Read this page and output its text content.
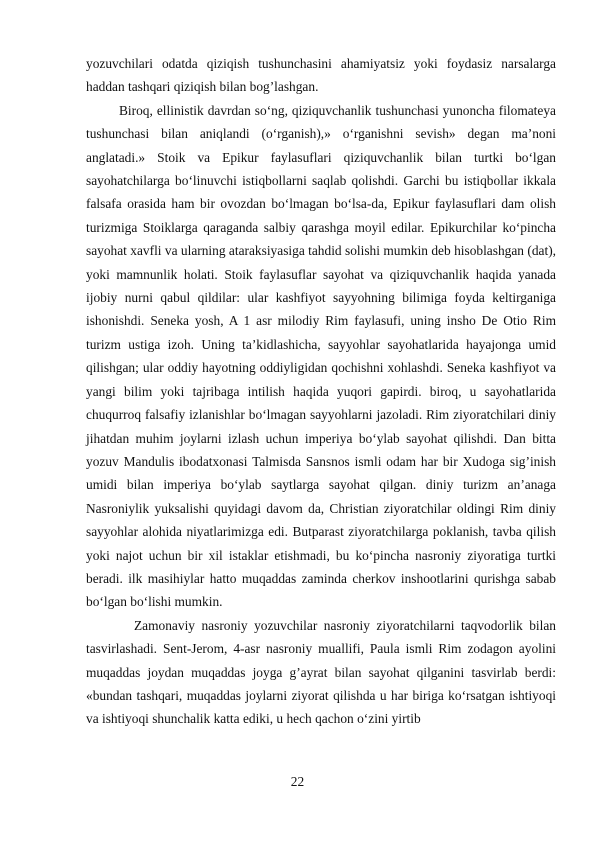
yozuvchilari odatda qiziqish tushunchasini ahamiyatsiz yoki foydasiz narsalarga haddan tashqari qiziqish bilan bog’lashgan.

Biroq, ellinistik davrdan so‘ng, qiziquvchanlik tushunchasi yunoncha filomateya tushunchasi bilan aniqlandi (o‘rganish),» o‘rganishni sevish» degan ma’noni anglatadi.» Stoik va Epikur faylasuflari qiziquvchanlik bilan turtki bo‘lgan sayohatchilarga bo‘linuvchi istiqbollarni saqlab qolishdi. Garchi bu istiqbollar ikkala falsafa orasida ham bir ovozdan bo‘lmagan bo‘lsa-da, Epikur faylasuflari dam olish turizmiga Stoiklarga qaraganda salbiy qarashga moyil edilar. Epikurchilar ko‘pincha sayohat xavfli va ularning ataraksiyasiga tahdid solishi mumkin deb hisoblashgan (dat), yoki mamnunlik holati. Stoik faylasuflar sayohat va qiziquvchanlik haqida yanada ijobiy nurni qabul qildilar: ular kashfiyot sayyohning bilimiga foyda keltirganiga ishonishdi. Seneka yosh, A 1 asr milodiy Rim faylasufi, uning insho De Otio Rim turizm ustiga izoh. Uning ta’kidlashicha, sayyohlar sayohatlarida hayajonga umid qilishgan; ular oddiy hayotning oddiyligidan qochishni xohlashdi. Seneka kashfiyot va yangi bilim yoki tajribaga intilish haqida yuqori gapirdi. biroq, u sayohatlarida chuqurroq falsafiy izlanishlar bo‘lmagan sayyohlarni jazoladi. Rim ziyoratchilari diniy jihatdan muhim joylarni izlash uchun imperiya bo‘ylab sayohat qilishdi. Dan bitta yozuv Mandulis ibodatxonasi Talmisda Sansnos ismli odam har bir Xudoga sig’inish umidi bilan imperiya bo‘ylab saytlarga sayohat qilgan. diniy turizm an’anaga Nasroniylik yuksalishi quyidagi davom da, Christian ziyoratchilar oldingi Rim diniy sayyohlar alohida niyatlarimizga edi. Butparast ziyoratchilarga poklanish, tavba qilish yoki najot uchun bir xil istaklar etishmadi, bu ko‘pincha nasroniy ziyoratiga turtki beradi. ilk masihiylar hatto muqaddas zaminda cherkov inshootlarini qurishga sabab bo‘lgan bo‘lishi mumkin.

Zamonaviy nasroniy yozuvchilar nasroniy ziyoratchilarni taqvodorlik bilan tasvirlashadi. Sent-Jerom, 4-asr nasroniy muallifi, Paula ismli Rim zodagon ayolini muqaddas joydan muqaddas joyga g’ayrat bilan sayohat qilganini tasvirlab berdi: «bundan tashqari, muqaddas joylarni ziyorat qilishda u har biriga ko‘rsatgan ishtiyoqi va ishtiyoqi shunchalik katta ediki, u hech qachon o‘zini yirtib

22
